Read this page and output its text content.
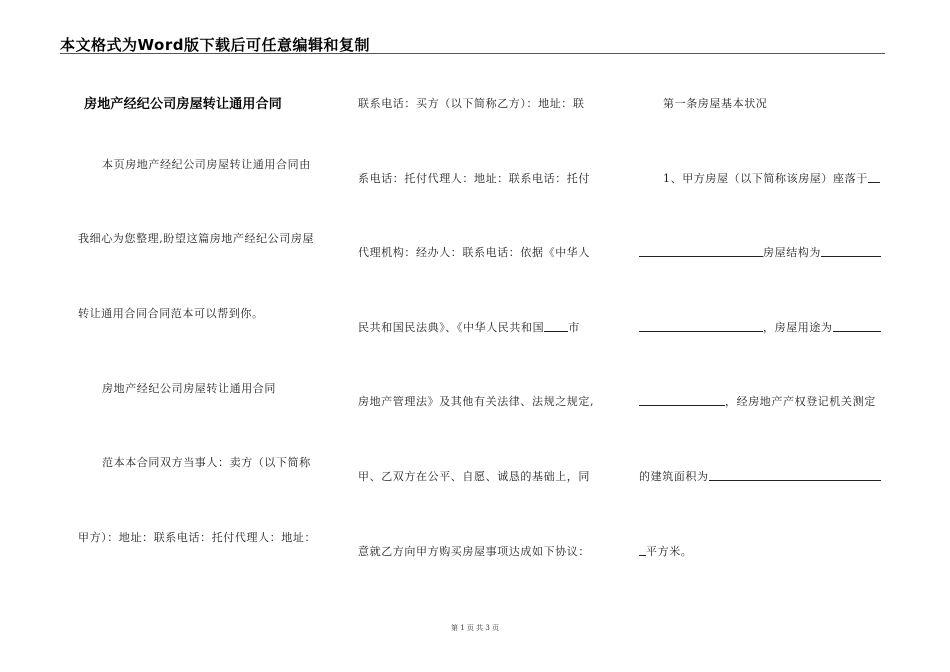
本文格式为Word版下载后可任意编辑和复制
房地产经纪公司房屋转让通用合同
本页房地产经纪公司房屋转让通用合同由
我细心为您整理,盼望这篇房地产经纪公司房屋
转让通用合同合同范本可以帮到你。
房地产经纪公司房屋转让通用合同
范本本合同双方当事人：卖方（以下简称
甲方）：地址：联系电话：托付代理人：地址：
联系电话：买方（以下简称乙方）：地址：联
系电话：托付代理人：地址：联系电话：托付
代理机构：经办人：联系电话：依据《中华人
民共和国民法典》、《中华人民共和国 市
房地产管理法》及其他有关法律、法规之规定,
甲、乙双方在公平、自愿、诚恳的基础上，同
意就乙方向甲方购买房屋事项达成如下协议：
第一条房屋基本状况
1、甲方房屋（以下简称该房屋）座落于
房屋结构为
，房屋用途为
，经房地产产权登记机关测定
的建筑面积为
平方米。
第 1 页 共 3 页
